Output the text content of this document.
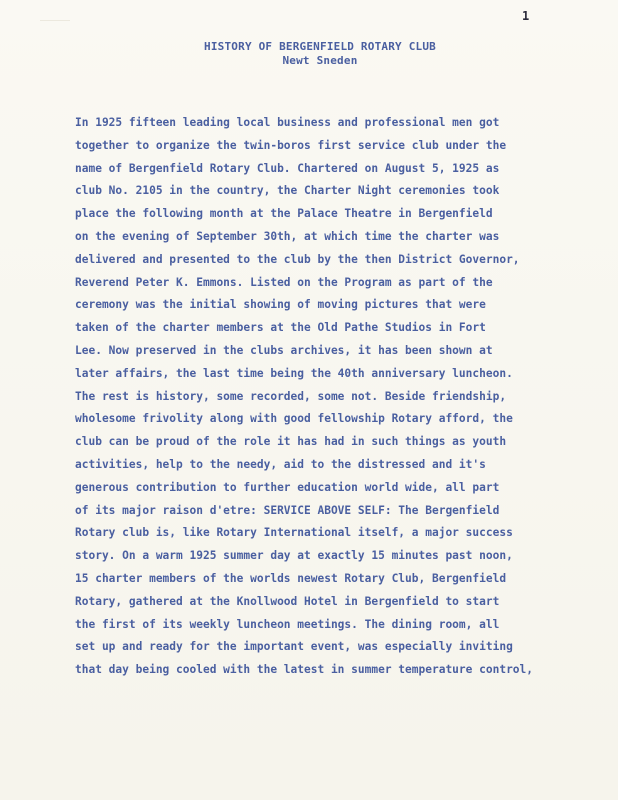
1
HISTORY OF BERGENFIELD ROTARY CLUB
Newt Sneden
In 1925 fifteen leading local business and professional men got
together to organize the twin-boros first service club under the
name of Bergenfield Rotary Club. Chartered on August 5, 1925 as
club No. 2105 in the country, the Charter Night ceremonies took
place the following month at the Palace Theatre in Bergenfield
on the evening of September 30th, at which time the charter was
delivered and presented to the club by the then District Governor,
Reverend Peter K. Emmons. Listed on the Program as part of the
ceremony was the initial showing of moving pictures that were
taken of the charter members at the Old Pathe Studios in Fort
Lee. Now preserved in the clubs archives, it has been shown at
later affairs, the last time being the 40th anniversary luncheon.
The rest is history, some recorded, some not. Beside friendship,
wholesome frivolity along with good fellowship Rotary afford, the
club can be proud of the role it has had in such things as youth
activities, help to the needy, aid to the distressed and it's
generous contribution to further education world wide, all part
of its major raison d'etre: SERVICE ABOVE SELF: The Bergenfield
Rotary club is, like Rotary International itself, a major success
story. On a warm 1925 summer day at exactly 15 minutes past noon,
15 charter members of the worlds newest Rotary Club, Bergenfield
Rotary, gathered at the Knollwood Hotel in Bergenfield to start
the first of its weekly luncheon meetings. The dining room, all
set up and ready for the important event, was especially inviting
that day being cooled with the latest in summer temperature control,
